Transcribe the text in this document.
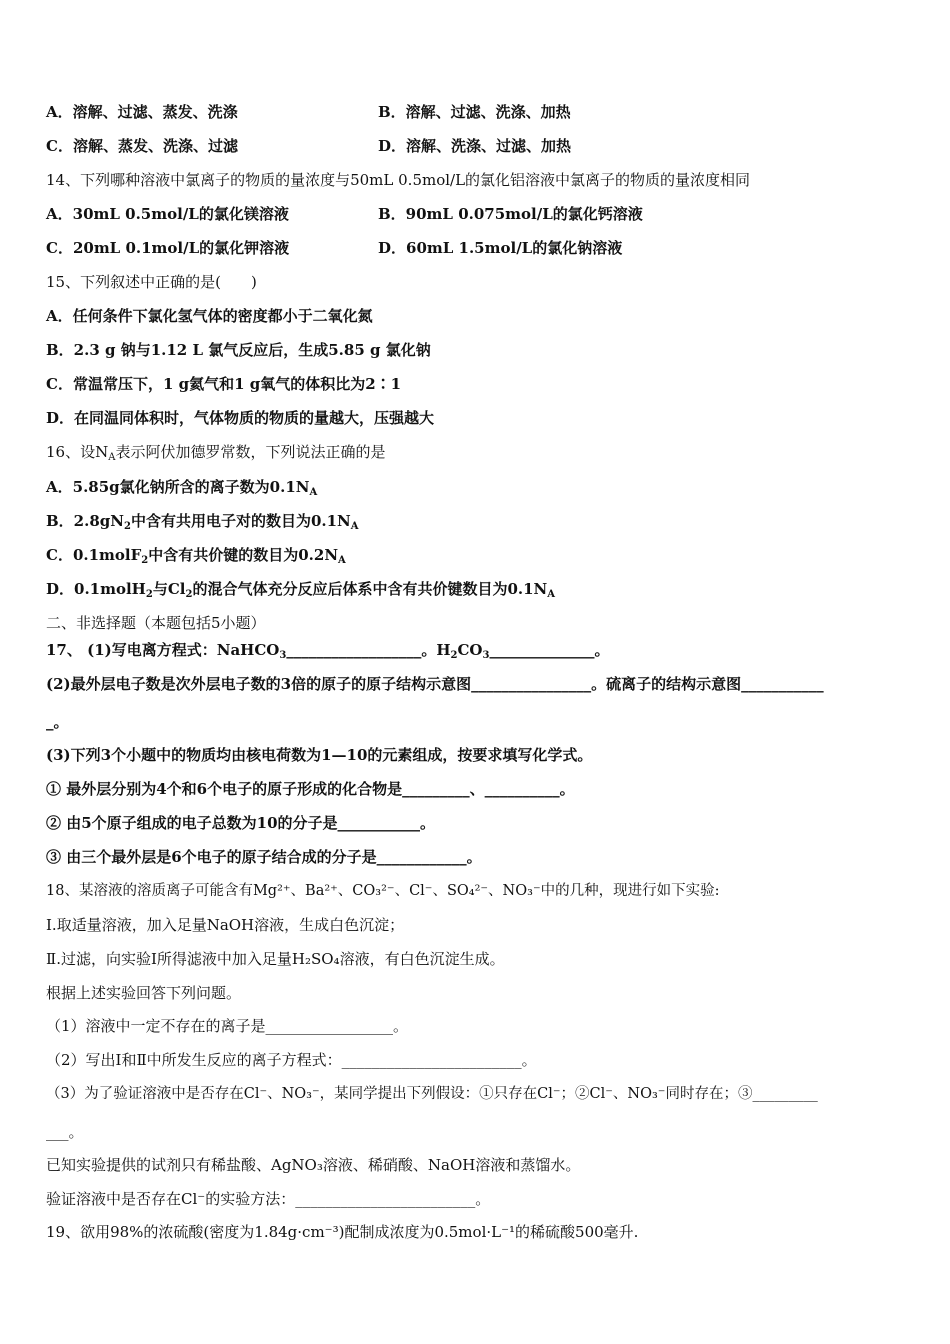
A．溶解、过滤、蒸发、洗涤	B．溶解、过滤、洗涤、加热
C．溶解、蒸发、洗涤、过滤	D．溶解、洗涤、过滤、加热
14、下列哪种溶液中氯离子的物质的量浓度与50mL 0.5mol/L的氯化铝溶液中氯离子的物质的量浓度相同
A．30mL 0.5mol/L的氯化镁溶液	B．90mL 0.075mol/L的氯化钙溶液
C．20mL 0.1mol/L的氯化钾溶液	D．60mL 1.5mol/L的氯化钠溶液
15、下列叙述中正确的是(　　)
A．任何条件下氯化氢气体的密度都小于二氧化氮
B．2.3 g 钠与1.12 L 氯气反应后，生成5.85 g 氯化钠
C．常温常压下，1 g氦气和1 g氧气的体积比为2∶1
D．在同温同体积时，气体物质的物质的量越大，压强越大
16、设$N_A$表示阿伏加德罗常数，下列说法正确的是
A．5.85g氯化钠所含的离子数为$0.1N_A$
B．$2.8gN_2$中含有共用电子对的数目为$0.1N_A$
C．0.1molF$_2$中含有共价键的数目为$0.2N_A$
D．0.1molH$_2$与$Cl_2$的混合气体充分反应后体系中含有共价键数目为$0.1N_A$
二、非选择题（本题包括5小题）
17、 (1)写电离方程式：NaHCO$_3$__________________。$H_2CO_3\_\_\_\_\_\_\_\_\_\_\_\_\_\_$。
(2)最外层电子数是次外层电子数的3倍的原子的原子结构示意图________________。硫离子的结构示意图___________
_。
(3)下列3个小题中的物质均由核电荷数为1—10的元素组成，按要求填写化学式。
① 最外层分别为4个和6个电子的原子形成的化合物是_________、__________。
② 由5个原子组成的电子总数为10的分子是___________。
③ 由三个最外层是6个电子的原子结合成的分子是____________。
18、某溶液的溶质离子可能含有Mg²⁺、Ba²⁺、CO₃²⁻、Cl⁻、SO₄²⁻、NO₃⁻中的几种，现进行如下实验:
Ⅰ.取适量溶液，加入足量NaOH溶液，生成白色沉淀；
Ⅱ.过滤，向实验Ⅰ所得滤液中加入足量H₂SO₄溶液，有白色沉淀生成。
根据上述实验回答下列问题。
（1）溶液中一定不存在的离子是_________________。
（2）写出Ⅰ和Ⅱ中所发生反应的离子方程式：________________________。
（3）为了验证溶液中是否存在Cl⁻、NO₃⁻，某同学提出下列假设：①只存在Cl⁻；②Cl⁻、NO₃⁻同时存在；③_________
___。
已知实验提供的试剂只有稀盐酸、AgNO₃溶液、稀硝酸、NaOH溶液和蒸馏水。
验证溶液中是否存在Cl⁻的实验方法：________________________。
19、欲用98%的浓硫酸(密度为1.84g·cm⁻³)配制成浓度为0.5mol·L⁻¹的稀硫酸500毫升.
